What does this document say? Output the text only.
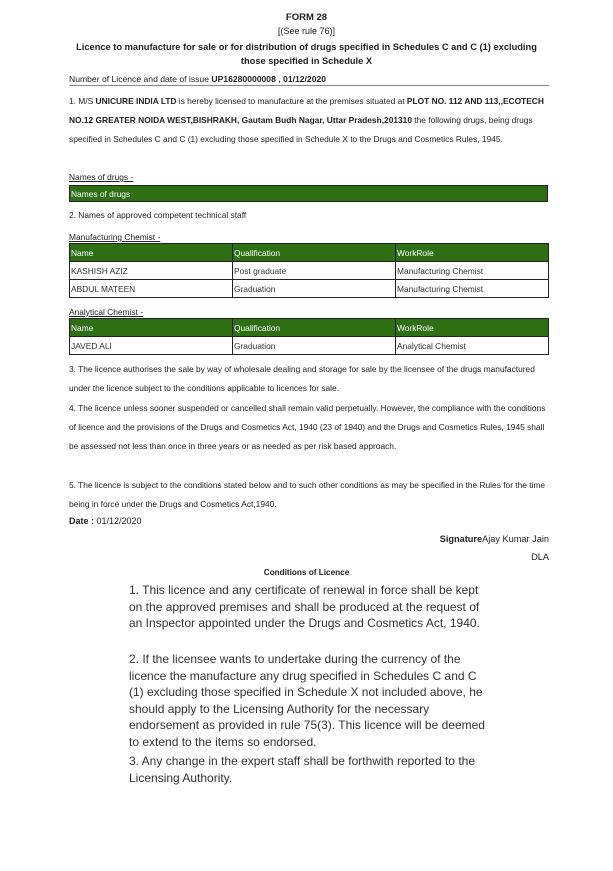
FORM 28
[(See rule 76)]
Licence to manufacture for sale or for distribution of drugs specified in Schedules C and C (1) excluding
those specified in Schedule X
Number of Licence and date of issue UP16280000008 , 01/12/2020
1. M/S UNICURE INDIA LTD is hereby licensed to manufacture at the premises situated at PLOT NO. 112 AND 113,,ECOTECH NO.12 GREATER NOIDA WEST,BISHRAKH, Gautam Budh Nagar, Uttar Pradesh,201310 the following drugs, being drugs specified in Schedules C and C (1) excluding those specified in Schedule X to the Drugs and Cosmetics Rules, 1945.
Names of drugs -
Names of drugs
2. Names of approved competent technical staff
Manufacturing Chemist -
Name	Qualification	WorkRole
KASHISH AZIZ	Post graduate	Manufacturing Chemist
ABDUL MATEEN	Graduation	Manufacturing Chemist
Analytical Chemist -
Name	Qualification	WorkRole
JAVED ALI	Graduation	Analytical Chemist
3. The licence authorises the sale by way of wholesale dealing and storage for sale by the licensee of the drugs manufactured under the licence subject to the conditions applicable to licences for sale.
4. The licence unless sooner suspended or cancelled shall remain valid perpetually. However, the compliance with the conditions of licence and the provisions of the Drugs and Cosmetics Act, 1940 (23 of 1940) and the Drugs and Cosmetics Rules, 1945 shall be assessed not less than once in three years or as needed as per risk based approach.
5. The licence is subject to the conditions stated below and to such other conditions as may be specified in the Rules for the time being in force under the Drugs and Cosmetics Act,1940.
Date : 01/12/2020
SignatureAjay Kumar Jain
DLA
Conditions of Licence
1. This licence and any certificate of renewal in force shall be kept on the approved premises and shall be produced at the request of an Inspector appointed under the Drugs and Cosmetics Act, 1940.
2. If the licensee wants to undertake during the currency of the licence the manufacture any drug specified in Schedules C and C (1) excluding those specified in Schedule X not included above, he should apply to the Licensing Authority for the necessary endorsement as provided in rule 75(3). This licence will be deemed to extend to the items so endorsed.
3. Any change in the expert staff shall be forthwith reported to the Licensing Authority.
